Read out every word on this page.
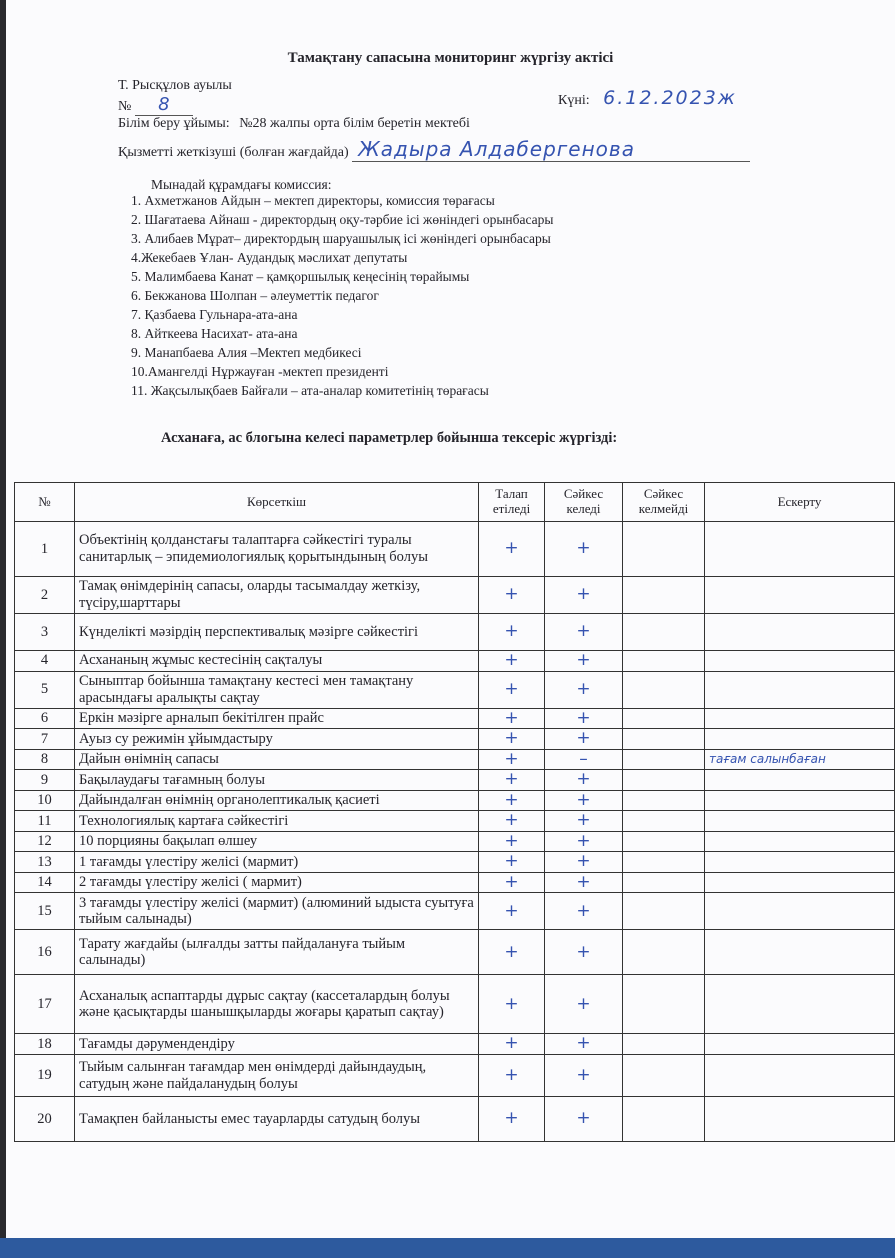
Тамақтану сапасына мониторинг жүргізу актісі
Т. Рысқұлов ауылы
№ 8	Күні: 6.12.2023ж
Білім беру ұйымы: №28 жалпы орта білім беретін мектебі
Қызметті жеткізуші (болған жағдайда) Жадыра Алдабергенова
Мынадай құрамдағы комиссия:
1. Ахметжанов Айдын – мектеп директоры, комиссия төрағасы
2. Шағатаева Айнаш - директордың оқу-тәрбие ісі жөніндегі орынбасары
3. Алибаев Мұрат– директордың шаруашылық ісі жөніндегі орынбасары
4.Жекебаев Ұлан- Аудандық мәслихат депутаты
5. Малимбаева Канат – қамқоршылық кеңесінің төрайымы
6. Бекжанова Шолпан – әлеуметтік педагог
7. Қазбаева Гульнара-ата-ана
8. Айткеева Насихат- ата-ана
9. Манапбаева Алия –Мектеп медбикесі
10.Амангелді Нұржауған -мектеп президенті
11. Жақсылықбаев Байғали – ата-аналар комитетінің төрағасы
Асханаға, ас блогына келесі параметрлер бойынша тексеріс жүргізді:
№	Көрсеткіш	Талап етіледі	Сәйкес келеді	Сәйкес келмейді	Ескерту
1	Объектінің қолданстағы талаптарға сәйкестігі туралы санитарлық – эпидемиологиялық қорытындының болуы	+	+		
2	Тамақ өнімдерінің сапасы, оларды тасымалдау жеткізу, түсіру,шарттары	+	+		
3	Күнделікті мәзірдің перспективалық мәзірге сәйкестігі	+	+		
4	Асхананың жұмыс кестесінің сақталуы	+	+		
5	Сыныптар бойынша тамақтану кестесі мен тамақтану арасындағы аралықты сақтау	+	+		
6	Еркін мәзірге арналып бекітілген прайс	+	+		
7	Ауыз су режимін ұйымдастыру	+	+		
8	Дайын өнімнің сапасы	+	–		тағам салынбаған
9	Бақылаудағы тағамның болуы	+	+		
10	Дайындалған өнімнің органолептикалық қасиеті	+	+		
11	Технологиялық картаға сәйкестігі	+	+		
12	10 порцияны бақылап өлшеу	+	+		
13	1 тағамды үлестіру желісі (мармит)	+	+		
14	2 тағамды үлестіру желісі ( мармит)	+	+		
15	3 тағамды үлестіру желісі (мармит) (алюминий ыдыста суытуға тыйым салынады)	+	+		
16	Тарату жағдайы (ылғалды затты пайдалануға тыйым салынады)	+	+		
17	Асханалық аспаптарды дұрыс сақтау (кассеталардың болуы және қасықтарды шанышқыларды жоғары қаратып сақтау)	+	+		
18	Тағамды дәрумендендіру	+	+		
19	Тыйым салынған тағамдар мен өнімдерді дайындаудың, сатудың және пайдаланудың болуы	+	+		
20	Тамақпен байланысты емес тауарларды сатудың болуы	+	+		
